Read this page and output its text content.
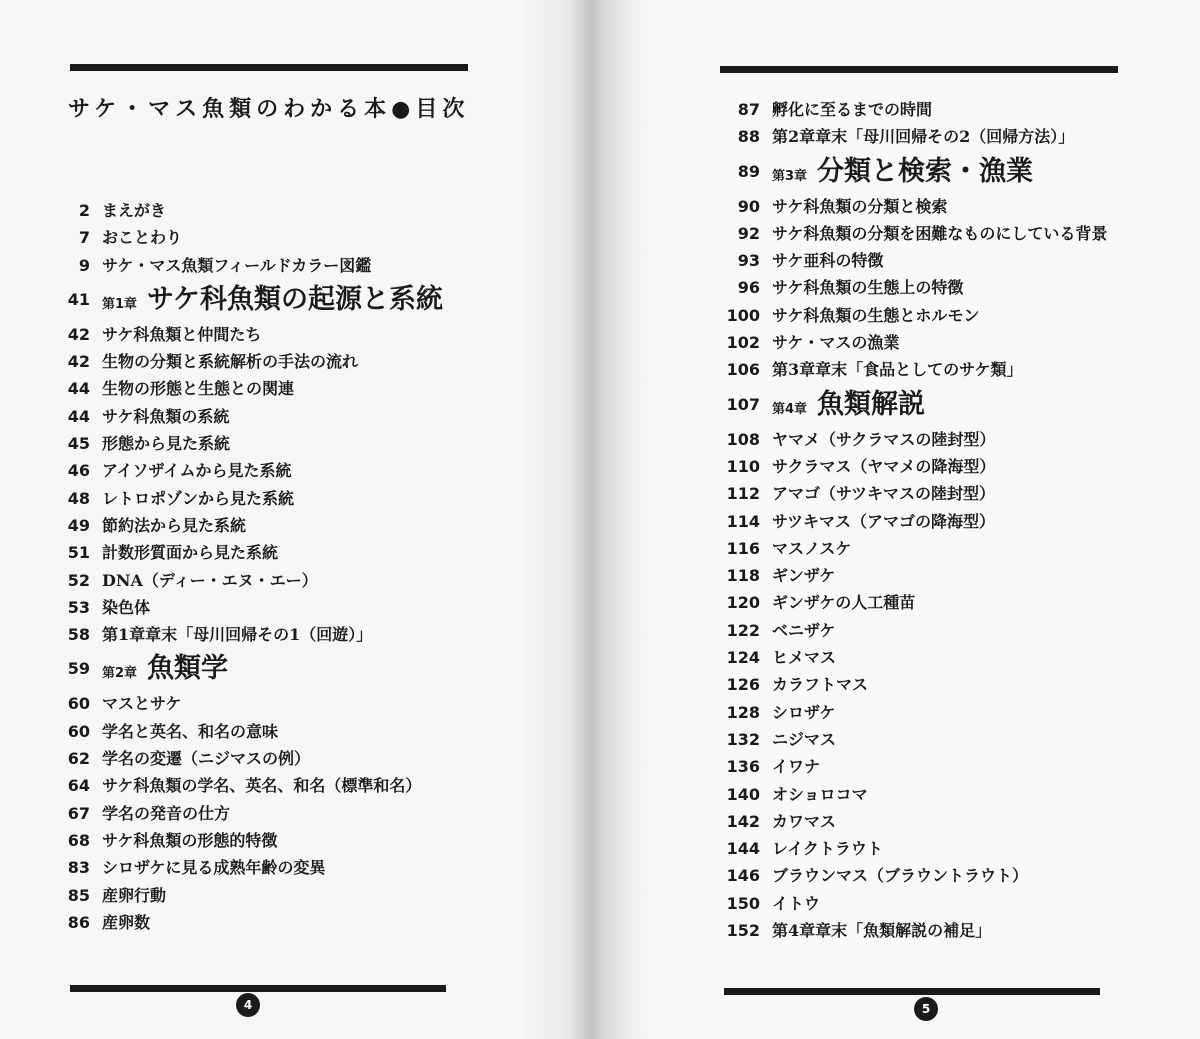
サケ・マス魚類のわかる本●目次
2 まえがき
7 おことわり
9 サケ・マス魚類フィールドカラー図鑑
41 第1章 サケ科魚類の起源と系統
42 サケ科魚類と仲間たち
42 生物の分類と系統解析の手法の流れ
44 生物の形態と生態との関連
44 サケ科魚類の系統
45 形態から見た系統
46 アイソザイムから見た系統
48 レトロポゾンから見た系統
49 節約法から見た系統
51 計数形質面から見た系統
52 DNA（ディー・エヌ・エー）
53 染色体
58 第1章章末「母川回帰その1（回遊）」
59 第2章 魚類学
60 マスとサケ
60 学名と英名、和名の意味
62 学名の変遷（ニジマスの例）
64 サケ科魚類の学名、英名、和名（標準和名）
67 学名の発音の仕方
68 サケ科魚類の形態的特徴
83 シロザケに見る成熟年齢の変異
85 産卵行動
86 産卵数
4
87 孵化に至るまでの時間
88 第2章章末「母川回帰その2（回帰方法）」
89 第3章 分類と検索・漁業
90 サケ科魚類の分類と検索
92 サケ科魚類の分類を困難なものにしている背景
93 サケ亜科の特徴
96 サケ科魚類の生態上の特徴
100 サケ科魚類の生態とホルモン
102 サケ・マスの漁業
106 第3章章末「食品としてのサケ類」
107 第4章 魚類解説
108 ヤマメ（サクラマスの陸封型）
110 サクラマス（ヤマメの降海型）
112 アマゴ（サツキマスの陸封型）
114 サツキマス（アマゴの降海型）
116 マスノスケ
118 ギンザケ
120 ギンザケの人工種苗
122 ベニザケ
124 ヒメマス
126 カラフトマス
128 シロザケ
132 ニジマス
136 イワナ
140 オショロコマ
142 カワマス
144 レイクトラウト
146 ブラウンマス（ブラウントラウト）
150 イトウ
152 第4章章末「魚類解説の補足」
5
